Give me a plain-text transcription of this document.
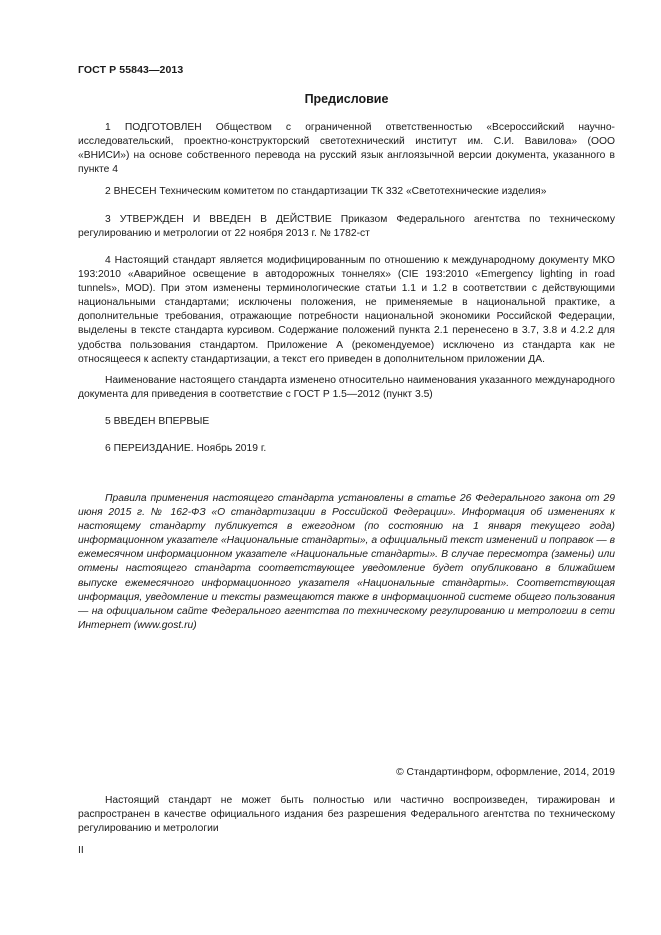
ГОСТ Р 55843—2013
Предисловие

1 ПОДГОТОВЛЕН Обществом с ограниченной ответственностью «Всероссийский научно-исследовательский, проектно-конструкторский светотехнический институт им. С.И. Вавилова» (ООО «ВНИСИ») на основе собственного перевода на русский язык англоязычной версии документа, указанного в пункте 4

2 ВНЕСЕН Техническим комитетом по стандартизации ТК 332 «Светотехнические изделия»

3 УТВЕРЖДЕН И ВВЕДЕН В ДЕЙСТВИЕ Приказом Федерального агентства по техническому регулированию и метрологии от 22 ноября 2013 г. № 1782-ст

4 Настоящий стандарт является модифицированным по отношению к международному документу МКО 193:2010 «Аварийное освещение в автодорожных тоннелях» (CIE 193:2010 «Emergency lighting in road tunnels», MOD). При этом изменены терминологические статьи 1.1 и 1.2 в соответствии с действующими национальными стандартами; исключены положения, не применяемые в национальной практике, а дополнительные требования, отражающие потребности национальной экономики Российской Федерации, выделены в тексте стандарта курсивом. Содержание положений пункта 2.1 перенесено в 3.7, 3.8 и 4.2.2 для удобства пользования стандартом. Приложение А (рекомендуемое) исключено из стандарта как не относящееся к аспекту стандартизации, а текст его приведен в дополнительном приложении ДА.

Наименование настоящего стандарта изменено относительно наименования указанного международного документа для приведения в соответствие с ГОСТ Р 1.5—2012 (пункт 3.5)

5 ВВЕДЕН ВПЕРВЫЕ

6 ПЕРЕИЗДАНИЕ. Ноябрь 2019 г.

Правила применения настоящего стандарта установлены в статье 26 Федерального закона от 29 июня 2015 г. № 162-ФЗ «О стандартизации в Российской Федерации». Информация об изменениях к настоящему стандарту публикуется в ежегодном (по состоянию на 1 января текущего года) информационном указателе «Национальные стандарты», а официальный текст изменений и поправок — в ежемесячном информационном указателе «Национальные стандарты». В случае пересмотра (замены) или отмены настоящего стандарта соответствующее уведомление будет опубликовано в ближайшем выпуске ежемесячного информационного указателя «Национальные стандарты». Соответствующая информация, уведомление и тексты размещаются также в информационной системе общего пользования — на официальном сайте Федерального агентства по техническому регулированию и метрологии в сети Интернет (www.gost.ru)

© Стандартинформ, оформление, 2014, 2019

Настоящий стандарт не может быть полностью или частично воспроизведен, тиражирован и распространен в качестве официального издания без разрешения Федерального агентства по техническому регулированию и метрологии

II
